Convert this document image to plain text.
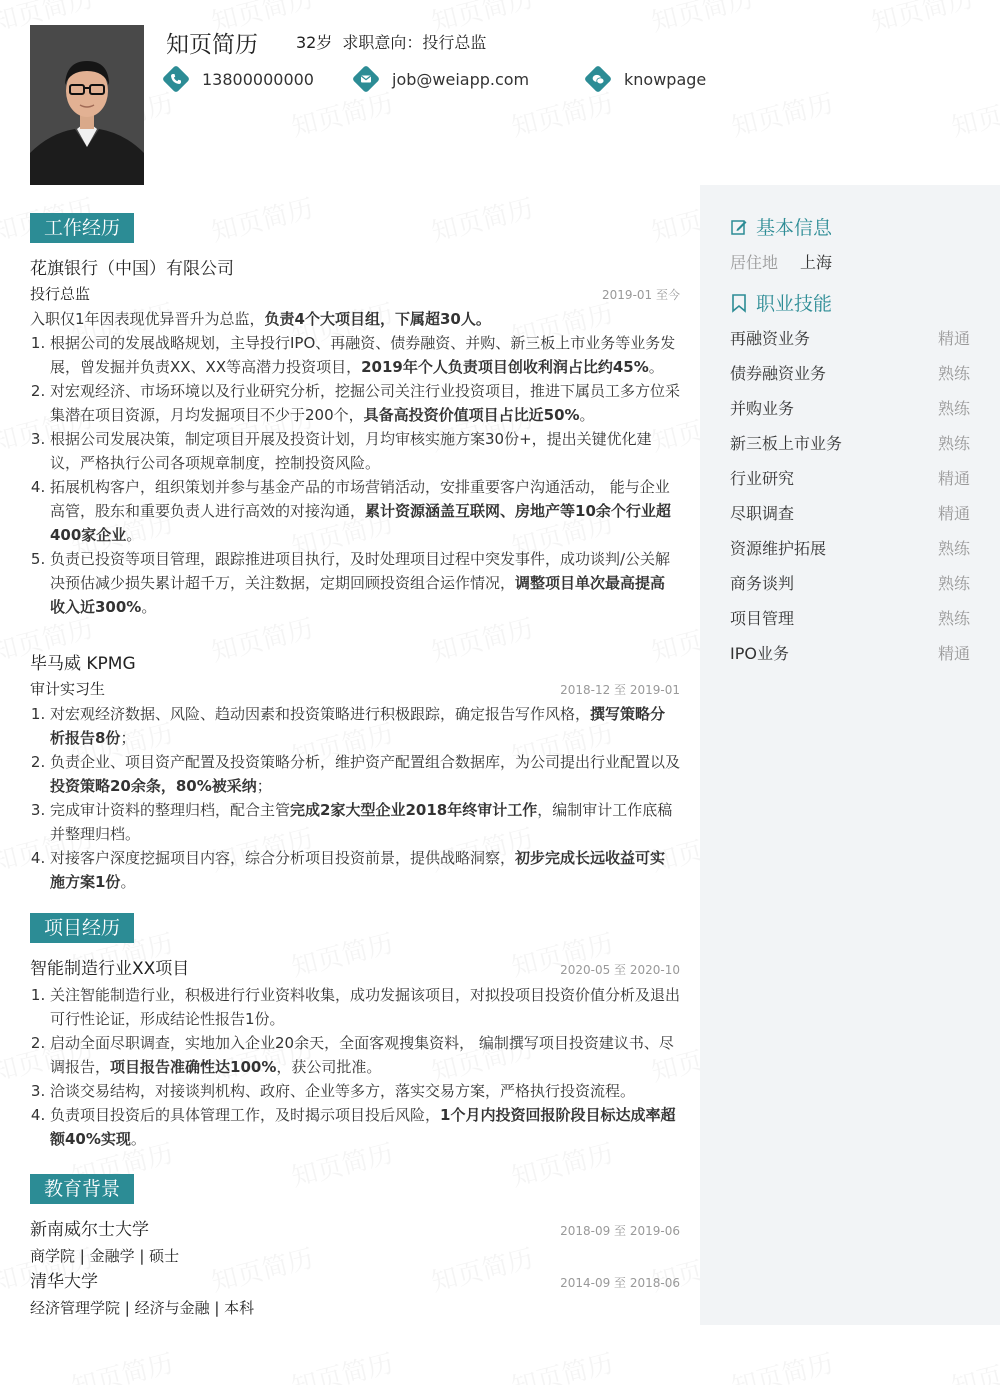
知页简历 32岁 求职意向：投行总监
13800000000	job@weiapp.com	knowpage
基本信息
居住地 上海
职业技能
再融资业务	精通
债券融资业务	熟练
并购业务	熟练
新三板上市业务	熟练
行业研究	精通
尽职调查	精通
资源维护拓展	熟练
商务谈判	熟练
项目管理	熟练
IPO业务	精通
工作经历
花旗银行（中国）有限公司
投行总监	2019-01 至今
入职仅1年因表现优异晋升为总监，负责4个大项目组，下属超30人。
1. 根据公司的发展战略规划，主导投行IPO、再融资、债券融资、并购、新三板上市业务等业务发展，曾发掘并负责XX、XX等高潜力投资项目，2019年个人负责项目创收利润占比约45%。
2. 对宏观经济、市场环境以及行业研究分析，挖掘公司关注行业投资项目，推进下属员工多方位采集潜在项目资源，月均发掘项目不少于200个，具备高投资价值项目占比近50%。
3. 根据公司发展决策，制定项目开展及投资计划，月均审核实施方案30份+，提出关键优化建议，严格执行公司各项规章制度，控制投资风险。
4. 拓展机构客户，组织策划并参与基金产品的市场营销活动，安排重要客户沟通活动， 能与企业高管，股东和重要负责人进行高效的对接沟通，累计资源涵盖互联网、房地产等10余个行业超400家企业。
5. 负责已投资等项目管理，跟踪推进项目执行，及时处理项目过程中突发事件，成功谈判/公关解决预估减少损失累计超千万，关注数据，定期回顾投资组合运作情况，调整项目单次最高提高收入近300%。
毕马威 KPMG
审计实习生	2018-12 至 2019-01
1. 对宏观经济数据、风险、趋动因素和投资策略进行积极跟踪，确定报告写作风格，撰写策略分析报告8份；
2. 负责企业、项目资产配置及投资策略分析，维护资产配置组合数据库，为公司提出行业配置以及投资策略20余条，80%被采纳；
3. 完成审计资料的整理归档，配合主管完成2家大型企业2018年终审计工作，编制审计工作底稿并整理归档。
4. 对接客户深度挖掘项目内容，综合分析项目投资前景，提供战略洞察，初步完成长远收益可实施方案1份。
项目经历
智能制造行业XX项目	2020-05 至 2020-10
1. 关注智能制造行业，积极进行行业资料收集，成功发掘该项目，对拟投项目投资价值分析及退出可行性论证，形成结论性报告1份。
2. 启动全面尽职调查，实地加入企业20余天，全面客观搜集资料， 编制撰写项目投资建议书、尽调报告，项目报告准确性达100%，获公司批准。
3. 洽谈交易结构，对接谈判机构、政府、企业等多方，落实交易方案，严格执行投资流程。
4. 负责项目投资后的具体管理工作，及时揭示项目投后风险，1个月内投资回报阶段目标达成率超额40%实现。
教育背景
新南威尔士大学	2018-09 至 2019-06
商学院 | 金融学 | 硕士
清华大学	2014-09 至 2018-06
经济管理学院 | 经济与金融 | 本科
